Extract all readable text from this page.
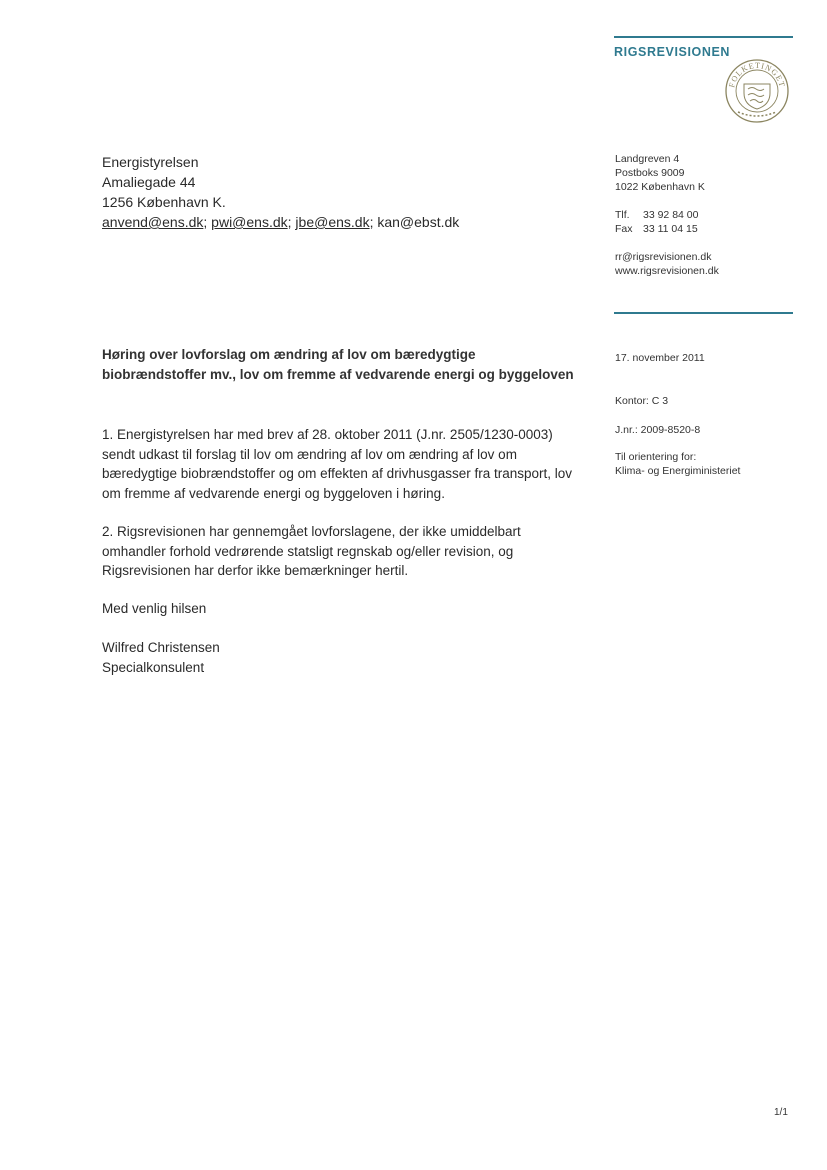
RIGSREVISIONEN
FOLKETINGET
Energistyrelsen
Amaliegade 44
1256 København K.
anvend@ens.dk; pwi@ens.dk; jbe@ens.dk; kan@ebst.dk
Landgreven 4
Postboks 9009
1022 København K
Tlf. 33 92 84 00
Fax 33 11 04 15
rr@rigsrevisionen.dk
www.rigsrevisionen.dk
17. november 2011
Kontor: C 3
J.nr.: 2009-8520-8
Til orientering for:
Klima- og Energiministeriet
Høring over lovforslag om ændring af lov om bæredygtige biobrændstoffer mv., lov om fremme af vedvarende energi og byggeloven
1. Energistyrelsen har med brev af 28. oktober 2011 (J.nr. 2505/1230-0003) sendt udkast til forslag til lov om ændring af lov om ændring af lov om bæredygtige biobrændstoffer og om effekten af drivhusgasser fra transport, lov om fremme af vedvarende energi og byggeloven i høring.
2. Rigsrevisionen har gennemgået lovforslagene, der ikke umiddelbart omhandler forhold vedrørende statsligt regnskab og/eller revision, og Rigsrevisionen har derfor ikke bemærkninger hertil.
Med venlig hilsen
Wilfred Christensen
Specialkonsulent
1/1
